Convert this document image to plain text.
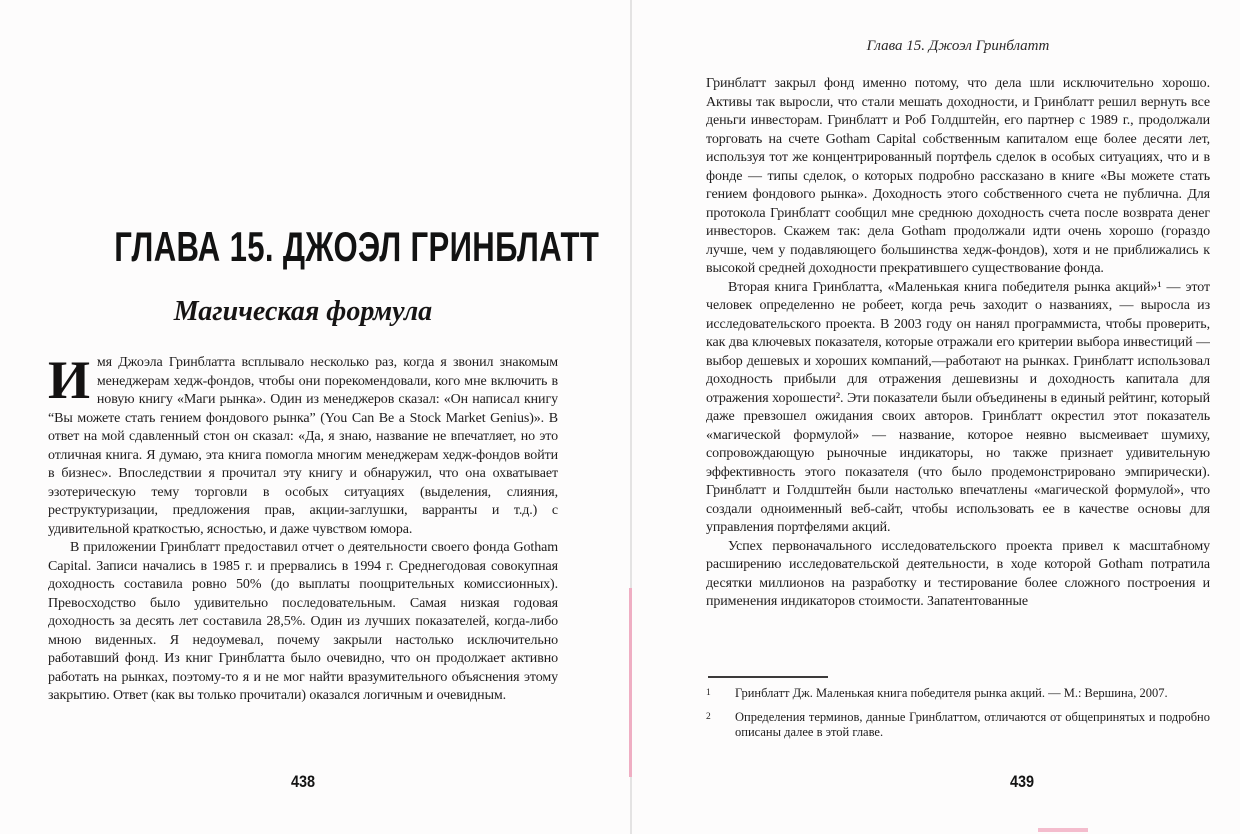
ГЛАВА 15. ДЖОЭЛ ГРИНБЛАТТ
Магическая формула

Имя Джоэла Гринблатта всплывало несколько раз, когда я звонил знакомым менеджерам хедж-фондов, чтобы они порекомендовали, кого мне включить в новую книгу «Маги рынка». Один из менеджеров сказал: «Он написал книгу “Вы можете стать гением фондового рынка” (You Can Be a Stock Market Genius)». В ответ на мой сдавленный стон он сказал: «Да, я знаю, название не впечатляет, но это отличная книга. Я думаю, эта книга помогла многим менеджерам хедж-фондов войти в бизнес». Впоследствии я прочитал эту книгу и обнаружил, что она охватывает эзотерическую тему торговли в особых ситуациях (выделения, слияния, реструктуризации, предложения прав, акции-заглушки, варранты и т.д.) с удивительной краткостью, ясностью, и даже чувством юмора.

В приложении Гринблатт предоставил отчет о деятельности своего фонда Gotham Capital. Записи начались в 1985 г. и прервались в 1994 г. Среднегодовая совокупная доходность составила ровно 50% (до выплаты поощрительных комиссионных). Превосходство было удивительно последовательным. Самая низкая годовая доходность за десять лет составила 28,5%. Один из лучших показателей, когда-либо мною виденных. Я недоумевал, почему закрыли настолько исключительно работавший фонд. Из книг Гринблатта было очевидно, что он продолжает активно работать на рынках, поэтому-то я и не мог найти вразумительного объяснения этому закрытию. Ответ (как вы только прочитали) оказался логичным и очевидным.

438
Глава 15. Джоэл Гринблатт

Гринблатт закрыл фонд именно потому, что дела шли исключительно хорошо. Активы так выросли, что стали мешать доходности, и Гринблатт решил вернуть все деньги инвесторам. Гринблатт и Роб Голдштейн, его партнер с 1989 г., продолжали торговать на счете Gotham Capital собственным капиталом еще более десяти лет, используя тот же концентрированный портфель сделок в особых ситуациях, что и в фонде — типы сделок, о которых подробно рассказано в книге «Вы можете стать гением фондового рынка». Доходность этого собственного счета не публична. Для протокола Гринблатт сообщил мне среднюю доходность счета после возврата денег инвесторов. Скажем так: дела Gotham продолжали идти очень хорошо (гораздо лучше, чем у подавляющего большинства хедж-фондов), хотя и не приближались к высокой средней доходности прекратившего существование фонда.

Вторая книга Гринблатта, «Маленькая книга победителя рынка акций»¹ — этот человек определенно не робеет, когда речь заходит о названиях, — выросла из исследовательского проекта. В 2003 году он нанял программиста, чтобы проверить, как два ключевых показателя, которые отражали его критерии выбора инвестиций — выбор дешевых и хороших компаний,—работают на рынках. Гринблатт использовал доходность прибыли для отражения дешевизны и доходность капитала для отражения хорошести². Эти показатели были объединены в единый рейтинг, который даже превзошел ожидания своих авторов. Гринблатт окрестил этот показатель «магической формулой» — название, которое неявно высмеивает шумиху, сопровождающую рыночные индикаторы, но также признает удивительную эффективность этого показателя (что было продемонстрировано эмпирически). Гринблатт и Голдштейн были настолько впечатлены «магической формулой», что создали одноименный веб-сайт, чтобы использовать ее в качестве основы для управления портфелями акций.

Успех первоначального исследовательского проекта привел к масштабному расширению исследовательской деятельности, в ходе которой Gotham потратила десятки миллионов на разработку и тестирование более сложного построения и применения индикаторов стоимости. Запатентованные

1	Гринблатт Дж. Маленькая книга победителя рынка акций. — М.: Вершина, 2007.
2	Определения терминов, данные Гринблаттом, отличаются от общепринятых и подробно описаны далее в этой главе.
439
